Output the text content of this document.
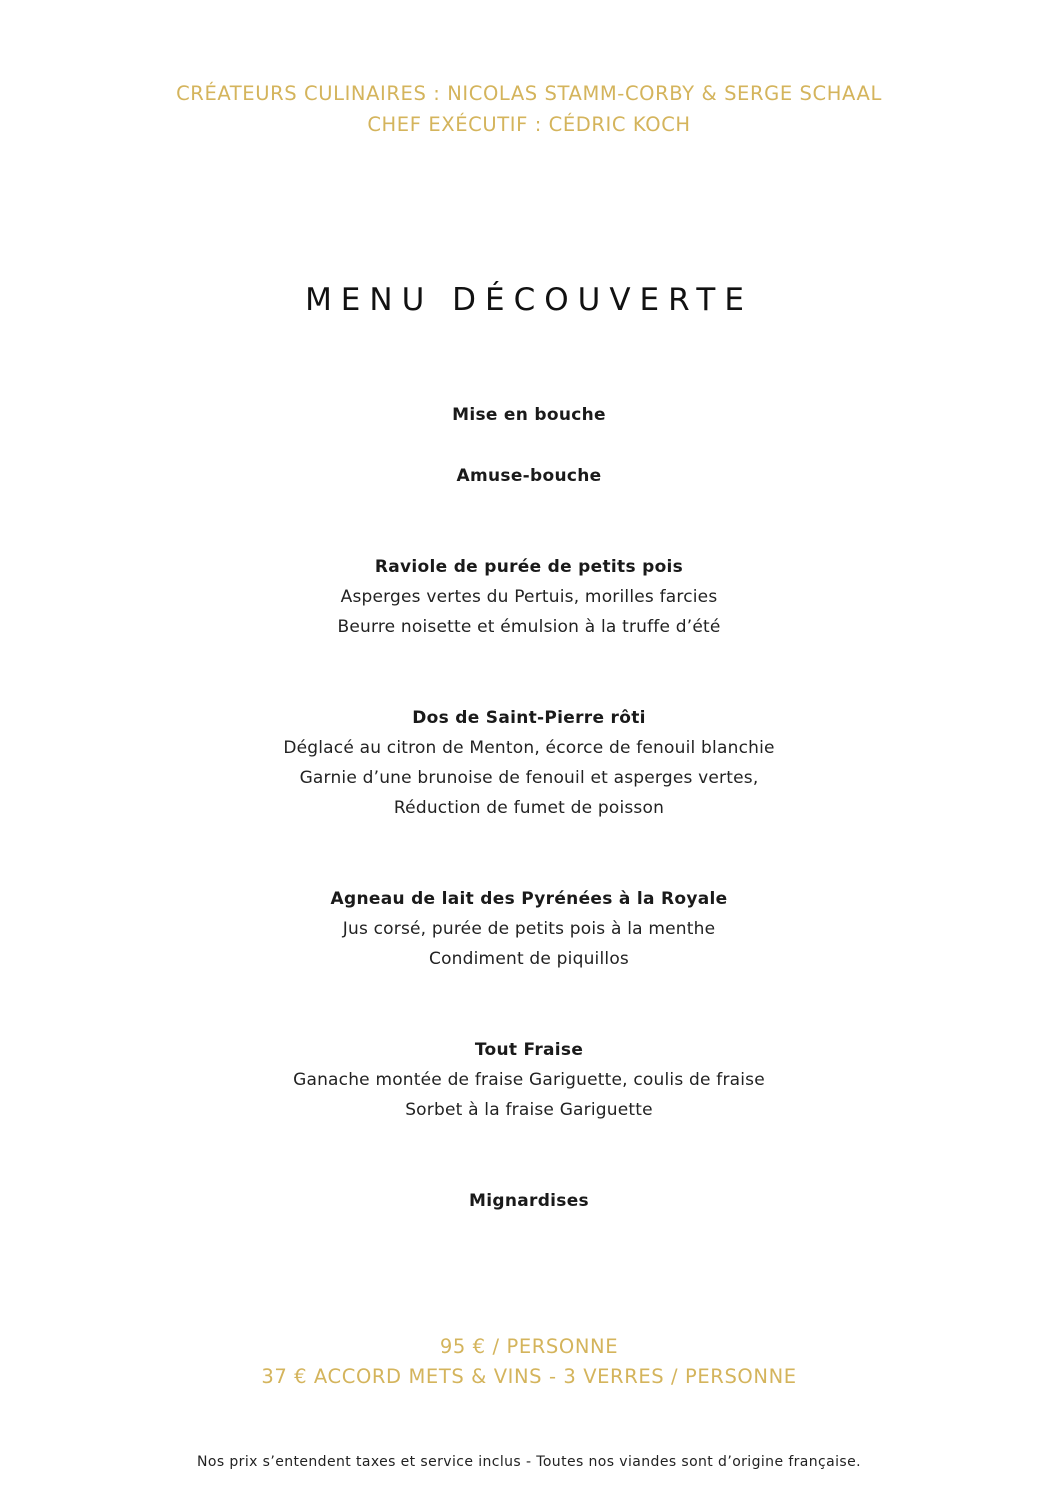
CRÉATEURS CULINAIRES : NICOLAS STAMM-CORBY & SERGE SCHAAL
CHEF EXÉCUTIF : CÉDRIC KOCH
MENU DÉCOUVERTE
Mise en bouche
Amuse-bouche
Raviole de purée de petits pois
Asperges vertes du Pertuis, morilles farcies
Beurre noisette et émulsion à la truffe d’été
Dos de Saint-Pierre rôti
Déglacé au citron de Menton, écorce de fenouil blanchie
Garnie d’une brunoise de fenouil et asperges vertes,
Réduction de fumet de poisson
Agneau de lait des Pyrénées à la Royale
Jus corsé, purée de petits pois à la menthe
Condiment de piquillos
Tout Fraise
Ganache montée de fraise Gariguette, coulis de fraise
Sorbet à la fraise Gariguette
Mignardises
95 € / PERSONNE
37 € ACCORD METS & VINS - 3 VERRES / PERSONNE
Nos prix s’entendent taxes et service inclus - Toutes nos viandes sont d’origine française.
